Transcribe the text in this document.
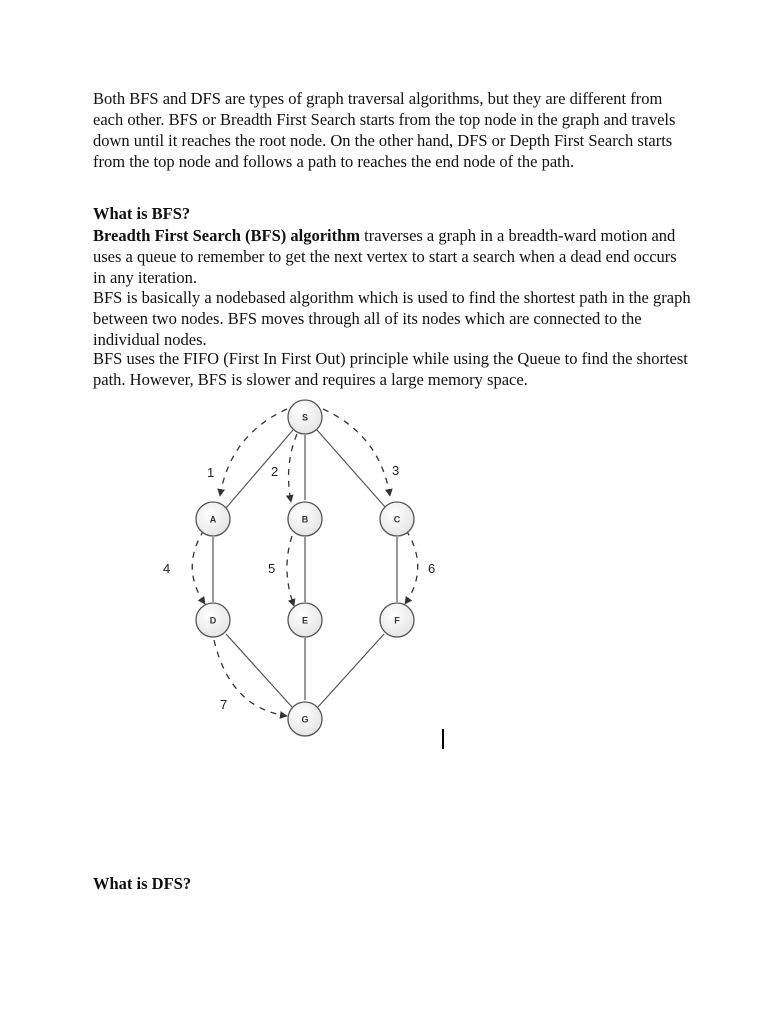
Both BFS and DFS are types of graph traversal algorithms, but they are different from each other. BFS or Breadth First Search starts from the top node in the graph and travels down until it reaches the root node. On the other hand, DFS or Depth First Search starts from the top node and follows a path to reaches the end node of the path.

What is BFS?

Breadth First Search (BFS) algorithm traverses a graph in a breadth-ward motion and uses a queue to remember to get the next vertex to start a search when a dead end occurs in any iteration.

BFS is basically a nodebased algorithm which is used to find the shortest path in the graph between two nodes. BFS moves through all of its nodes which are connected to the individual nodes.

BFS uses the FIFO (First In First Out) principle while using the Queue to find the shortest path. However, BFS is slower and requires a large memory space.

1	2	3
4	5	6
7
S
A	B	C
D	E	F
G

What is DFS?
